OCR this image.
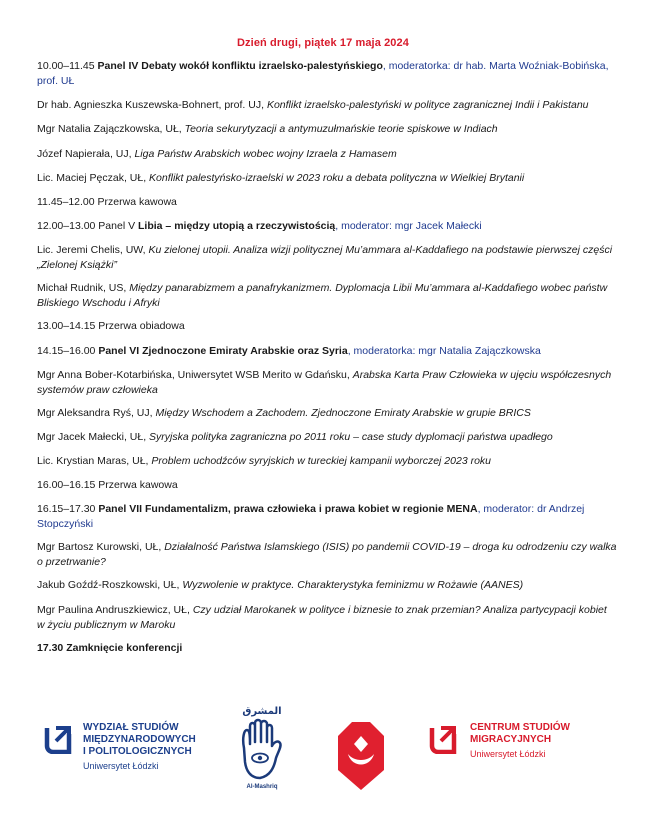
Dzień drugi, piątek 17 maja 2024

10.00–11.45 Panel IV Debaty wokół konfliktu izraelsko-palestyńskiego, moderatorka: dr hab. Marta Woźniak-Bobińska, prof. UŁ

Dr hab. Agnieszka Kuszewska-Bohnert, prof. UJ, Konflikt izraelsko-palestyński w polityce zagranicznej Indii i Pakistanu

Mgr Natalia Zajączkowska, UŁ, Teoria sekurytyzacji a antymuzułmańskie teorie spiskowe w Indiach

Józef Napierała, UJ, Liga Państw Arabskich wobec wojny Izraela z Hamasem

Lic. Maciej Pęczak, UŁ, Konflikt palestyńsko-izraelski w 2023 roku a debata polityczna w Wielkiej Brytanii

11.45–12.00 Przerwa kawowa

12.00–13.00 Panel V Libia – między utopią a rzeczywistością, moderator: mgr Jacek Małecki

Lic. Jeremi Chelis, UW, Ku zielonej utopii. Analiza wizji politycznej Mu’ammara al-Kaddafiego na podstawie pierwszej części „Zielonej Książki”

Michał Rudnik, US, Między panarabizmem a panafrykanizmem. Dyplomacja Libii Mu’ammara al-Kaddafiego wobec państw Bliskiego Wschodu i Afryki

13.00–14.15 Przerwa obiadowa

14.15–16.00 Panel VI Zjednoczone Emiraty Arabskie oraz Syria, moderatorka: mgr Natalia Zajączkowska

Mgr Anna Bober-Kotarbińska, Uniwersytet WSB Merito w Gdańsku, Arabska Karta Praw Człowieka w ujęciu współczesnych systemów praw człowieka

Mgr Aleksandra Ryś, UJ, Między Wschodem a Zachodem. Zjednoczone Emiraty Arabskie w grupie BRICS

Mgr Jacek Małecki, UŁ, Syryjska polityka zagraniczna po 2011 roku – case study dyplomacji państwa upadłego

Lic. Krystian Maras, UŁ, Problem uchodźców syryjskich w tureckiej kampanii wyborczej 2023 roku

16.00–16.15 Przerwa kawowa

16.15–17.30 Panel VII Fundamentalizm, prawa człowieka i prawa kobiet w regionie MENA, moderator: dr Andrzej Stopczyński

Mgr Bartosz Kurowski, UŁ, Działalność Państwa Islamskiego (ISIS) po pandemii COVID-19 – droga ku odrodzeniu czy walka o przetrwanie?

Jakub Goźdź-Roszkowski, UŁ, Wyzwolenie w praktyce. Charakterystyka feminizmu w Rożawie (AANES)

Mgr Paulina Andruszkiewicz, UŁ, Czy udział Marokanek w polityce i biznesie to znak przemian? Analiza partycypacji kobiet w życiu publicznym w Maroku

17.30 Zamknięcie konferencji

WYDZIAŁ STUDIÓW
MIĘDZYNARODOWYCH
I POLITOLOGICZNYCH
Uniwersytet Łódzki
المشرق
Al-Mashriq
CENTRUM STUDIÓW
MIGRACYJNYCH
Uniwersytet Łódzki
